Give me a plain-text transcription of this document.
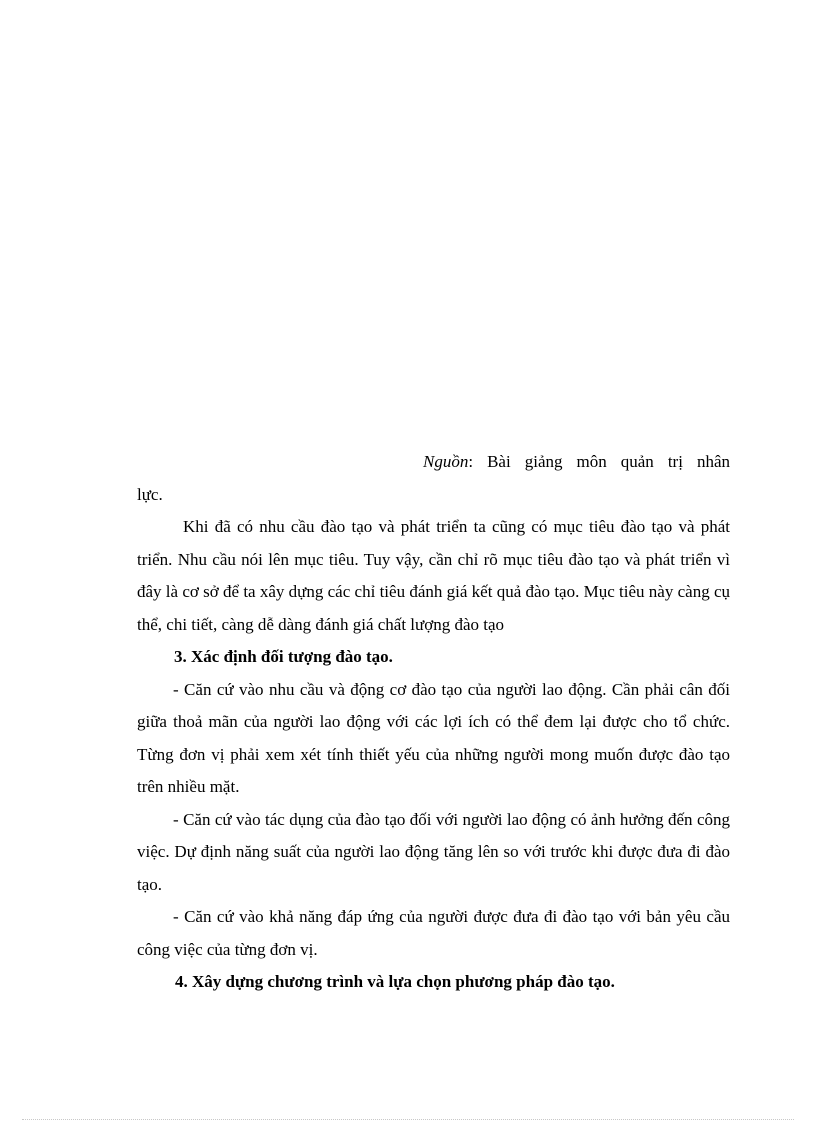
Nguồn: Bài giảng môn quản trị nhân
lực.

Khi đã có nhu cầu đào tạo và phát triển ta cũng có mục tiêu đào tạo và phát triển. Nhu cầu nói lên mục tiêu. Tuy vậy, cần chỉ rõ mục tiêu đào tạo và phát triển vì đây là cơ sở để ta xây dựng các chỉ tiêu đánh giá kết quả đào tạo. Mục tiêu này càng cụ thể, chi tiết, càng dễ dàng đánh giá chất lượng đào tạo

3. Xác định đối tượng đào tạo.

- Căn cứ vào nhu cầu và động cơ đào tạo của người lao động. Cần phải cân đối giữa thoả mãn của người lao động với các lợi ích có thể đem lại được cho tổ chức. Từng đơn vị phải xem xét tính thiết yếu của những người mong muốn được đào tạo trên nhiều mặt.

- Căn cứ vào tác dụng của đào tạo đối với người lao động có ảnh hưởng đến công việc. Dự định năng suất của người lao động tăng lên so với trước khi được đưa đi đào tạo.

- Căn cứ vào khả năng đáp ứng của người được đưa đi đào tạo với bản yêu cầu công việc của từng đơn vị.

4. Xây dựng chương trình và lựa chọn phương pháp đào tạo.
